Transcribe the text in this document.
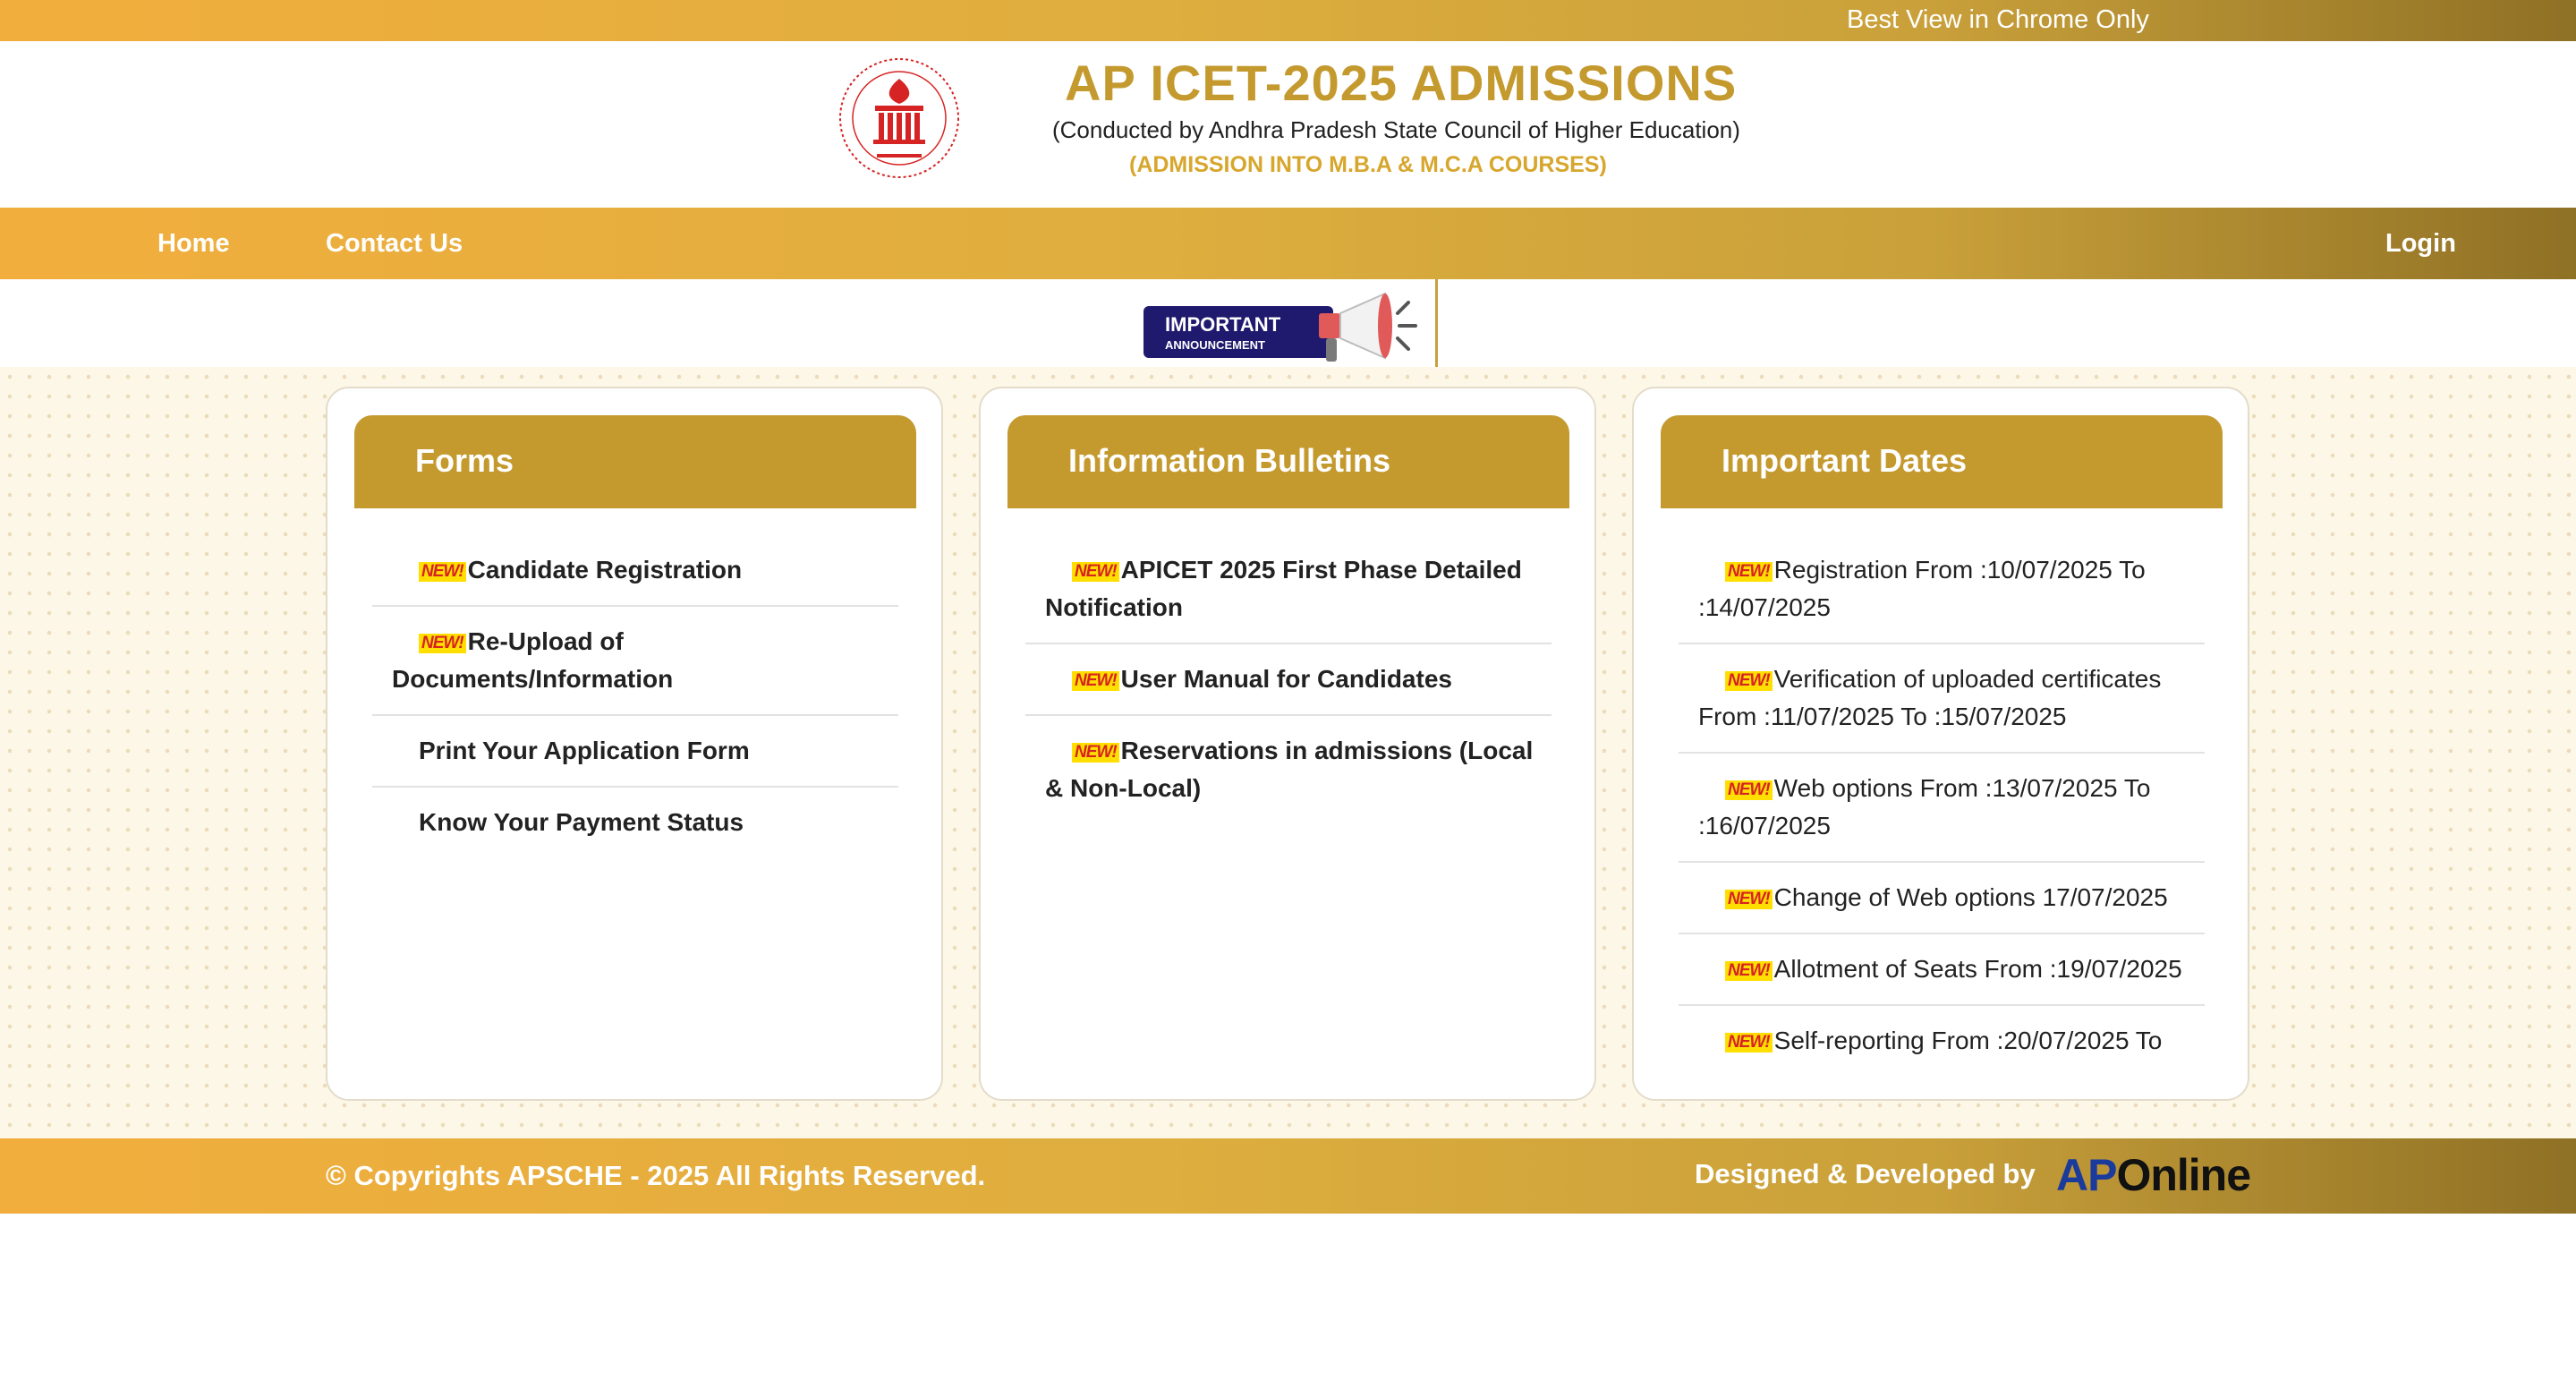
Best View in Chrome Only
AP ICET-2025 ADMISSIONS
(Conducted by Andhra Pradesh State Council of Higher Education)
(ADMISSION INTO M.B.A & M.C.A COURSES)
Home	Contact Us	Login
IMPORTANT
ANNOUNCEMENT
Forms
NEW! Candidate Registration
NEW! Re-Upload of Documents/Information
Print Your Application Form
Know Your Payment Status
Information Bulletins
NEW! APICET 2025 First Phase Detailed Notification
NEW! User Manual for Candidates
NEW! Reservations in admissions (Local & Non-Local)
Important Dates
NEW! Registration From :10/07/2025 To :14/07/2025
NEW! Verification of uploaded certificates From :11/07/2025 To :15/07/2025
NEW! Web options From :13/07/2025 To :16/07/2025
NEW! Change of Web options 17/07/2025
NEW! Allotment of Seats From :19/07/2025
NEW! Self-reporting From :20/07/2025 To
© Copyrights APSCHE - 2025 All Rights Reserved.	Designed & Developed by APOnline
